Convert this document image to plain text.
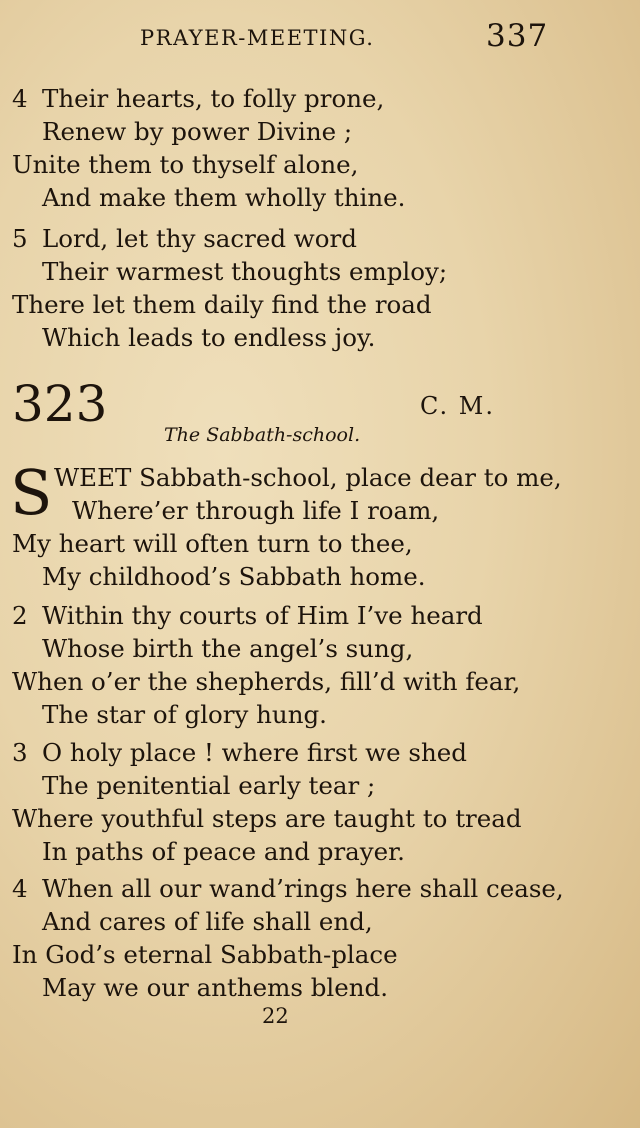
PRAYER-MEETING.	337
4 Their hearts, to folly prone,
Renew by power Divine ;
Unite them to thyself alone,
And make them wholly thine.
5 Lord, let thy sacred word
Their warmest thoughts employ;
There let them daily find the road
Which leads to endless joy.
323	C. M.
The Sabbath-school.
S WEET Sabbath-school, place dear to me,
Where’er through life I roam,
My heart will often turn to thee,
My childhood’s Sabbath home.
2 Within thy courts of Him I’ve heard
Whose birth the angel’s sung,
When o’er the shepherds, fill’d with fear,
The star of glory hung.
3 O holy place ! where first we shed
The penitential early tear ;
Where youthful steps are taught to tread
In paths of peace and prayer.
4 When all our wand’rings here shall cease,
And cares of life shall end,
In God’s eternal Sabbath-place
May we our anthems blend.
22
